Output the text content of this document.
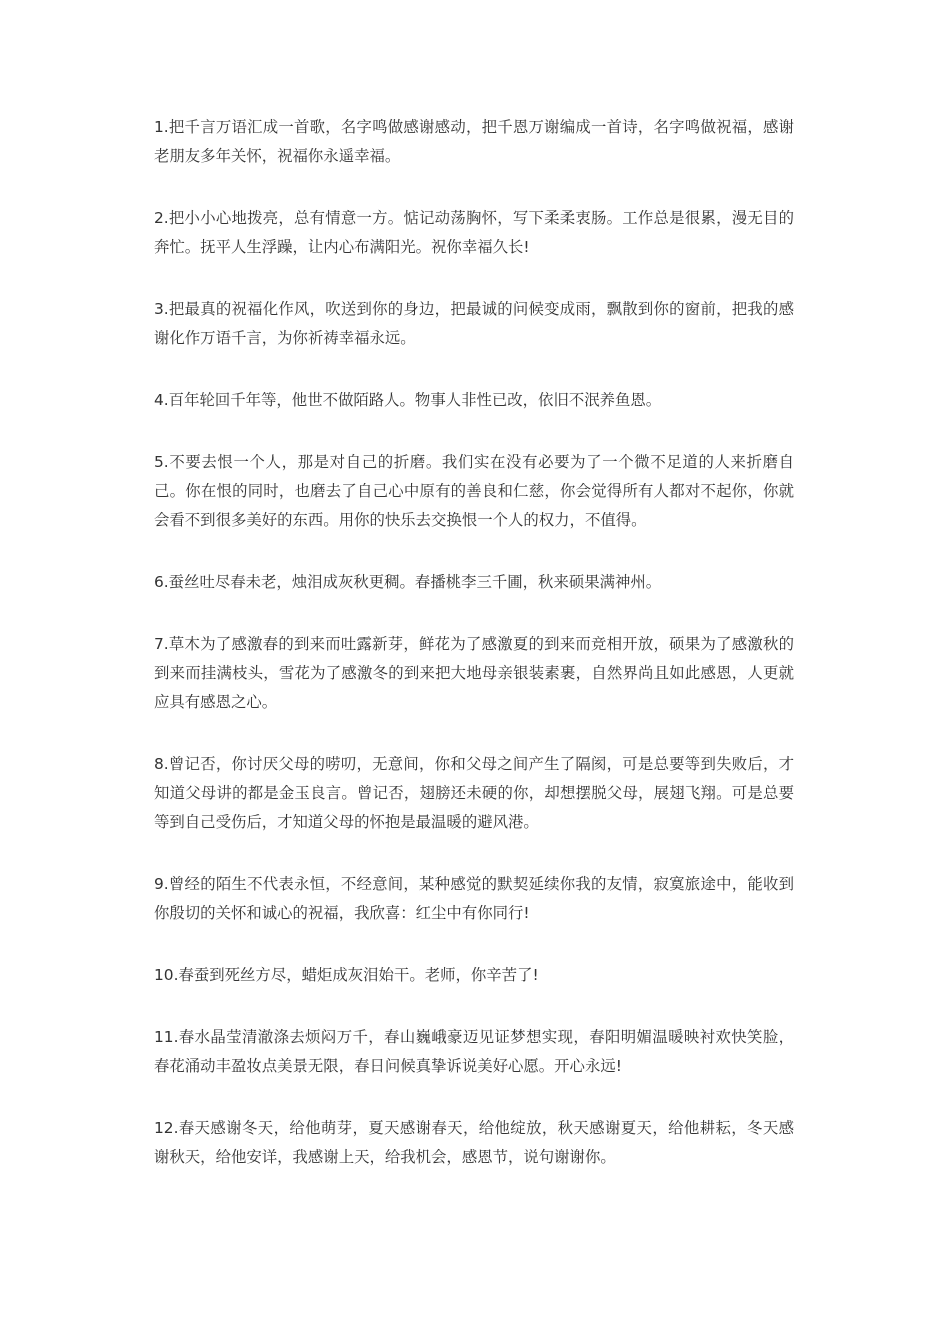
1.把千言万语汇成一首歌，名字鸣做感谢感动，把千恩万谢编成一首诗，名字鸣做祝福，感谢老朋友多年关怀，祝福你永遥幸福。

2.把小小心地拨亮，总有情意一方。惦记动荡胸怀，写下柔柔衷肠。工作总是很累，漫无目的奔忙。抚平人生浮躁，让内心布满阳光。祝你幸福久长!

3.把最真的祝福化作风，吹送到你的身边，把最诚的问候变成雨，飘散到你的窗前，把我的感谢化作万语千言，为你祈祷幸福永远。

4.百年轮回千年等，他世不做陌路人。物事人非性已改，依旧不泯养鱼恩。

5.不要去恨一个人，那是对自己的折磨。我们实在没有必要为了一个微不足道的人来折磨自己。你在恨的同时，也磨去了自己心中原有的善良和仁慈，你会觉得所有人都对不起你，你就会看不到很多美好的东西。用你的快乐去交换恨一个人的权力，不值得。

6.蚕丝吐尽春未老，烛泪成灰秋更稠。春播桃李三千圃，秋来硕果满神州。

7.草木为了感激春的到来而吐露新芽，鲜花为了感激夏的到来而竞相开放，硕果为了感激秋的到来而挂满枝头，雪花为了感激冬的到来把大地母亲银装素裹，自然界尚且如此感恩，人更就应具有感恩之心。

8.曾记否，你讨厌父母的唠叨，无意间，你和父母之间产生了隔阂，可是总要等到失败后，才知道父母讲的都是金玉良言。曾记否，翅膀还未硬的你，却想摆脱父母，展翅飞翔。可是总要等到自己受伤后，才知道父母的怀抱是最温暖的避风港。

9.曾经的陌生不代表永恒，不经意间，某种感觉的默契延续你我的友情，寂寞旅途中，能收到你殷切的关怀和诚心的祝福，我欣喜：红尘中有你同行!

10.春蚕到死丝方尽，蜡炬成灰泪始干。老师，你辛苦了!

11.春水晶莹清澈涤去烦闷万千，春山巍峨豪迈见证梦想实现，春阳明媚温暖映衬欢快笑脸，春花涌动丰盈妆点美景无限，春日问候真挚诉说美好心愿。开心永远!

12.春天感谢冬天，给他萌芽，夏天感谢春天，给他绽放，秋天感谢夏天，给他耕耘，冬天感谢秋天，给他安详，我感谢上天，给我机会，感恩节，说句谢谢你。
